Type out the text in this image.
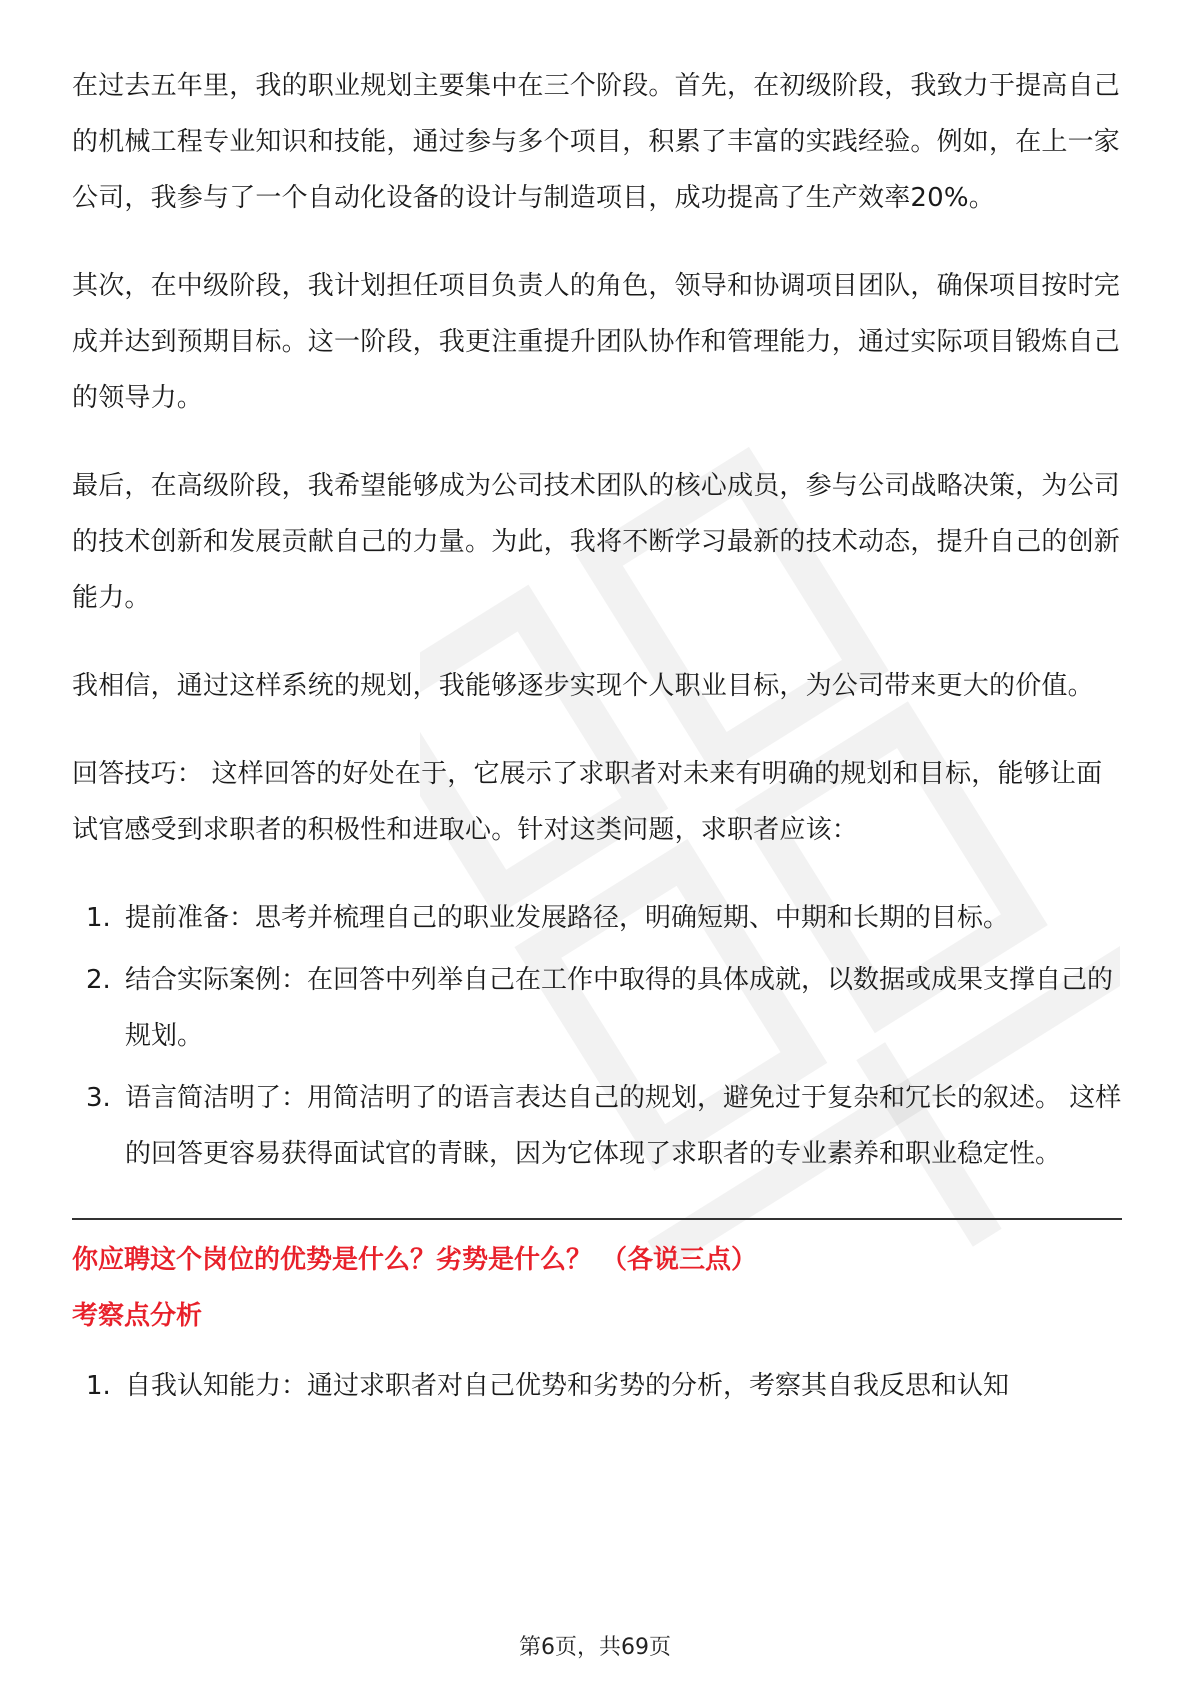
在过去五年里，我的职业规划主要集中在三个阶段。首先，在初级阶段，我致力于提高自己的机械工程专业知识和技能，通过参与多个项目，积累了丰富的实践经验。例如，在上一家公司，我参与了一个自动化设备的设计与制造项目，成功提高了生产效率20%。

其次，在中级阶段，我计划担任项目负责人的角色，领导和协调项目团队，确保项目按时完成并达到预期目标。这一阶段，我更注重提升团队协作和管理能力，通过实际项目锻炼自己的领导力。

最后，在高级阶段，我希望能够成为公司技术团队的核心成员，参与公司战略决策，为公司的技术创新和发展贡献自己的力量。为此，我将不断学习最新的技术动态，提升自己的创新能力。

我相信，通过这样系统的规划，我能够逐步实现个人职业目标，为公司带来更大的价值。

回答技巧： 这样回答的好处在于，它展示了求职者对未来有明确的规划和目标，能够让面试官感受到求职者的积极性和进取心。针对这类问题，求职者应该：

1. 提前准备：思考并梳理自己的职业发展路径，明确短期、中期和长期的目标。
2. 结合实际案例：在回答中列举自己在工作中取得的具体成就，以数据或成果支撑自己的规划。
3. 语言简洁明了：用简洁明了的语言表达自己的规划，避免过于复杂和冗长的叙述。 这样的回答更容易获得面试官的青睐，因为它体现了求职者的专业素养和职业稳定性。
你应聘这个岗位的优势是什么？劣势是什么？ （各说三点）
考察点分析
1. 自我认知能力：通过求职者对自己优势和劣势的分析，考察其自我反思和认知
第6页，共69页
